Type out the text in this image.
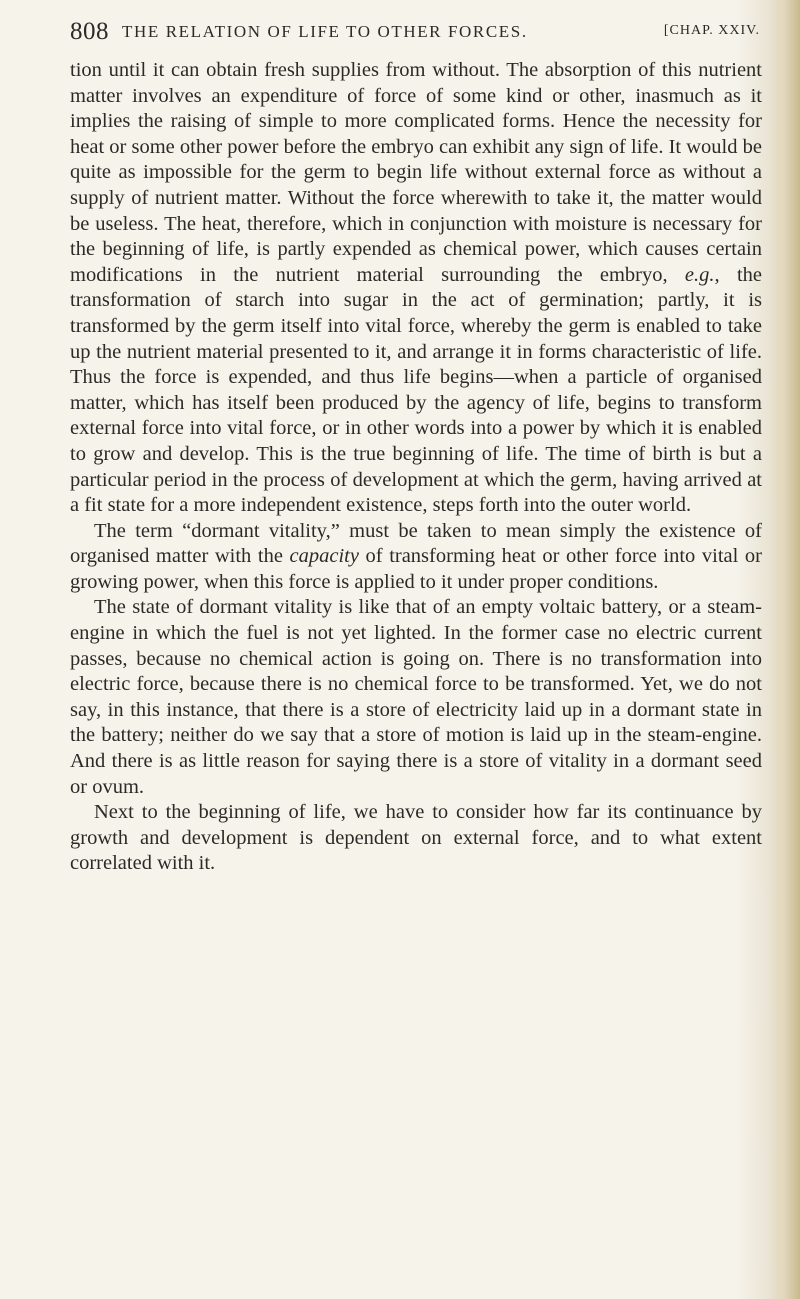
808 THE RELATION OF LIFE TO OTHER FORCES.	[CHAP. XXIV.

tion until it can obtain fresh supplies from without. The absorption of this nutrient matter involves an expenditure of force of some kind or other, inasmuch as it implies the raising of simple to more complicated forms. Hence the necessity for heat or some other power before the embryo can exhibit any sign of life. It would be quite as impossible for the germ to begin life without external force as without a supply of nutrient matter. Without the force wherewith to take it, the matter would be useless. The heat, therefore, which in conjunction with moisture is necessary for the beginning of life, is partly expended as chemical power, which causes certain modifications in the nutrient material surrounding the embryo, e.g., the transformation of starch into sugar in the act of germination; partly, it is transformed by the germ itself into vital force, whereby the germ is enabled to take up the nutrient material presented to it, and arrange it in forms characteristic of life. Thus the force is expended, and thus life begins—when a particle of organised matter, which has itself been produced by the agency of life, begins to transform external force into vital force, or in other words into a power by which it is enabled to grow and develop. This is the true beginning of life. The time of birth is but a particular period in the process of development at which the germ, having arrived at a fit state for a more independent existence, steps forth into the outer world.

The term “dormant vitality,” must be taken to mean simply the existence of organised matter with the capacity of transforming heat or other force into vital or growing power, when this force is applied to it under proper conditions.

The state of dormant vitality is like that of an empty voltaic battery, or a steam-engine in which the fuel is not yet lighted. In the former case no electric current passes, because no chemical action is going on. There is no transformation into electric force, because there is no chemical force to be transformed. Yet, we do not say, in this instance, that there is a store of electricity laid up in a dormant state in the battery; neither do we say that a store of motion is laid up in the steam-engine. And there is as little reason for saying there is a store of vitality in a dormant seed or ovum.

Next to the beginning of life, we have to consider how far its continuance by growth and development is dependent on external force, and to what extent correlated with it.
